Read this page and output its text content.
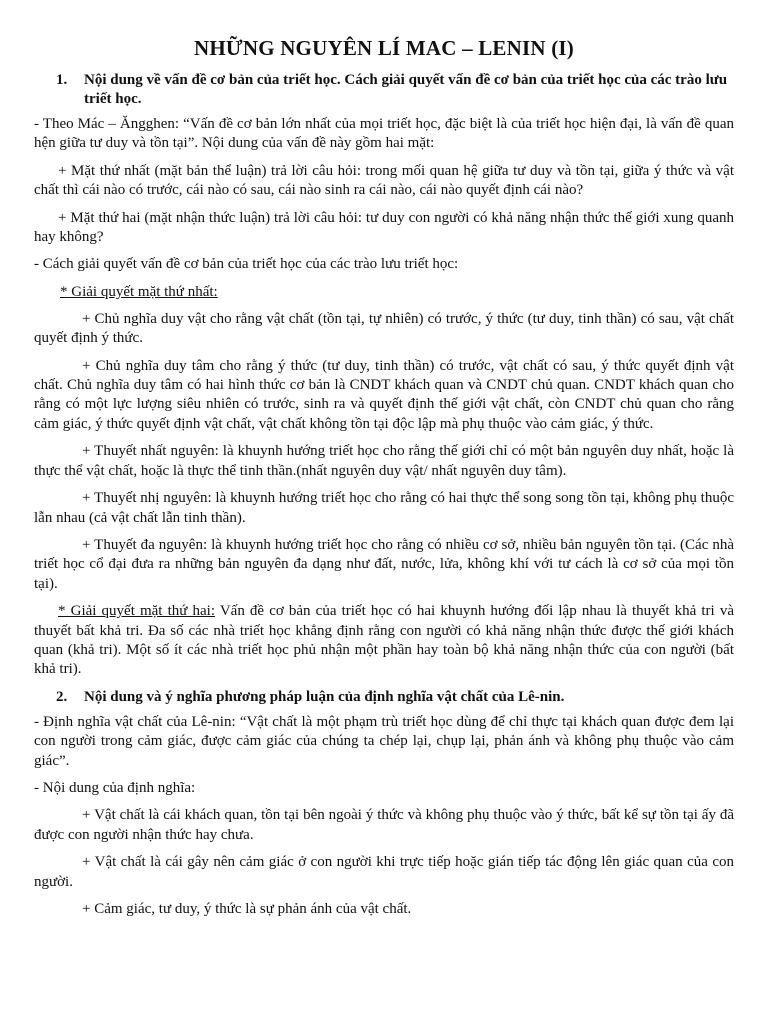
NHỮNG NGUYÊN LÍ MAC – LENIN (I)
1. Nội dung về vấn đề cơ bản của triết học. Cách giải quyết vấn đề cơ bản của triết học của các trào lưu triết học.

- Theo Mác – Ăngghen: “Vấn đề cơ bản lớn nhất của mọi triết học, đặc biệt là của triết học hiện đại, là vấn đề quan hện giữa tư duy và tồn tại”. Nội dung của vấn đề này gồm hai mặt:

+ Mặt thứ nhất (mặt bản thể luận) trả lời câu hỏi: trong mối quan hệ giữa tư duy và tồn tại, giữa ý thức và vật chất thì cái nào có trước, cái nào có sau, cái nào sinh ra cái nào, cái nào quyết định cái nào?

+ Mặt thứ hai (mặt nhận thức luận) trả lời câu hỏi: tư duy con người có khả năng nhận thức thế giới xung quanh hay không?

- Cách giải quyết vấn đề cơ bản của triết học của các trào lưu triết học:

* Giải quyết mặt thứ nhất:

+ Chủ nghĩa duy vật cho rằng vật chất (tồn tại, tự nhiên) có trước, ý thức (tư duy, tinh thần) có sau, vật chất quyết định ý thức.

+ Chủ nghĩa duy tâm cho rằng ý thức (tư duy, tinh thần) có trước, vật chất có sau, ý thức quyết định vật chất. Chủ nghĩa duy tâm có hai hình thức cơ bản là CNDT khách quan và CNDT chủ quan. CNDT khách quan cho rằng có một lực lượng siêu nhiên có trước, sinh ra và quyết định thế giới vật chất, còn CNDT chủ quan cho rằng cảm giác, ý thức quyết định vật chất, vật chất không tồn tại độc lập mà phụ thuộc vào cảm giác, ý thức.

+ Thuyết nhất nguyên: là khuynh hướng triết học cho rằng thế giới chỉ có một bản nguyên duy nhất, hoặc là thực thể vật chất, hoặc là thực thể tinh thần.(nhất nguyên duy vật/ nhất nguyên duy tâm).

+ Thuyết nhị nguyên: là khuynh hướng triết học cho rằng có hai thực thể song song tồn tại, không phụ thuộc lẫn nhau (cả vật chất lẫn tinh thần).

+ Thuyết đa nguyên: là khuynh hướng triết học cho rằng có nhiều cơ sở, nhiều bản nguyên tồn tại. (Các nhà triết học cổ đại đưa ra những bản nguyên đa dạng như đất, nước, lửa, không khí với tư cách là cơ sở của mọi tồn tại).

* Giải quyết mặt thứ hai: Vấn đề cơ bản của triết học có hai khuynh hướng đối lập nhau là thuyết khả tri và thuyết bất khả tri. Đa số các nhà triết học khẳng định rằng con người có khả năng nhận thức được thế giới khách quan (khả tri). Một số ít các nhà triết học phủ nhận một phần hay toàn bộ khả năng nhận thức của con người (bất khả tri).

2. Nội dung và ý nghĩa phương pháp luận của định nghĩa vật chất của Lê-nin.

- Định nghĩa vật chất của Lê-nin: “Vật chất là một phạm trù triết học dùng để chỉ thực tại khách quan được đem lại con người trong cảm giác, được cảm giác của chúng ta chép lại, chụp lại, phản ánh và không phụ thuộc vào cảm giác”.

- Nội dung của định nghĩa:

+ Vật chất là cái khách quan, tồn tại bên ngoài ý thức và không phụ thuộc vào ý thức, bất kể sự tồn tại ấy đã được con người nhận thức hay chưa.

+ Vật chất là cái gây nên cảm giác ở con người khi trực tiếp hoặc gián tiếp tác động lên giác quan của con người.

+ Cảm giác, tư duy, ý thức là sự phản ánh của vật chất.
